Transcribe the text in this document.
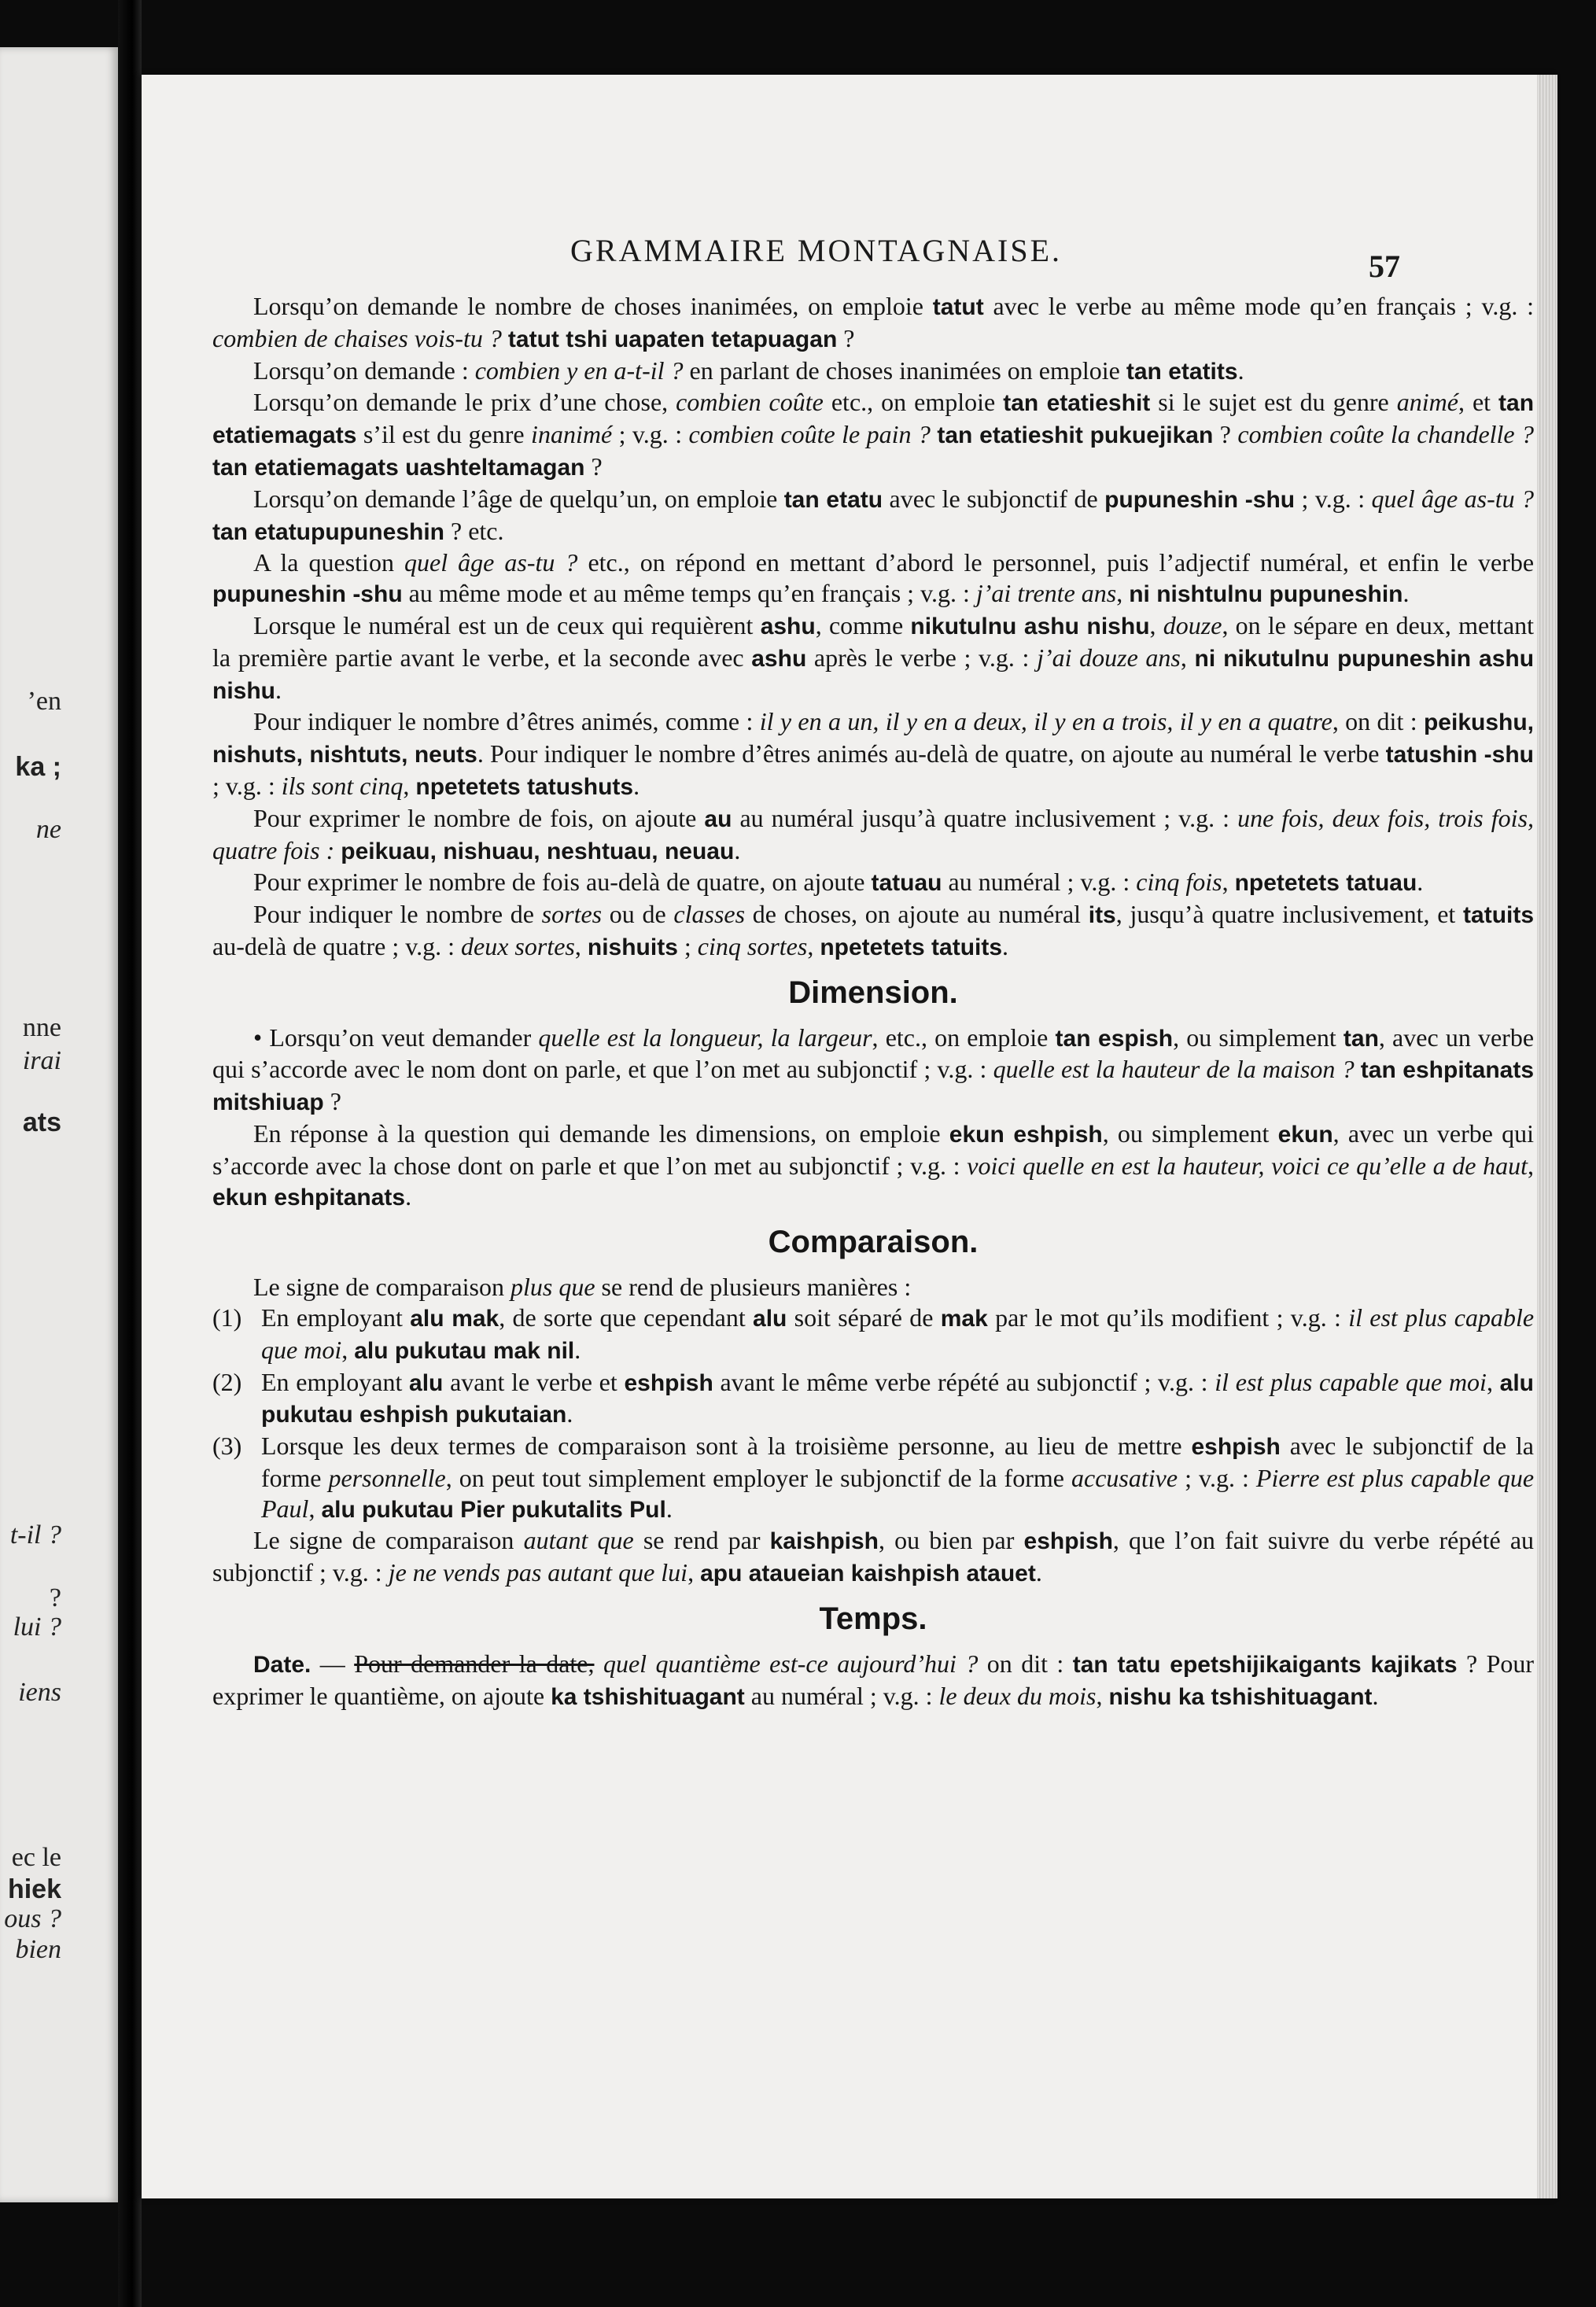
’en
ka ;
ne
nne
irai
ats
t-il ?
?
lui ?
iens
ec le
hiek
ous ?
bien
GRAMMAIRE MONTAGNAISE.	57

Lorsqu’on demande le nombre de choses inanimées, on emploie tatut avec le verbe au même mode qu’en français ; v.g. : combien de chaises vois-tu ? tatut tshi uapaten tetapuagan ?

Lorsqu’on demande : combien y en a-t-il ? en parlant de choses inanimées on emploie tan etatits.

Lorsqu’on demande le prix d’une chose, combien coûte etc., on emploie tan etatieshit si le sujet est du genre animé, et tan etatiemagats s’il est du genre inanimé ; v.g. : combien coûte le pain ? tan etatieshit pukuejikan ? combien coûte la chandelle ? tan etatiemagats uashteltamagan ?

Lorsqu’on demande l’âge de quelqu’un, on emploie tan etatu avec le subjonctif de pupuneshin -shu ; v.g. : quel âge as-tu ? tan etatupupuneshin ? etc.

A la question quel âge as-tu ? etc., on répond en mettant d’abord le personnel, puis l’adjectif numéral, et enfin le verbe pupuneshin -shu au même mode et au même temps qu’en français ; v.g. : j’ai trente ans, ni nishtulnu pupuneshin.

Lorsque le numéral est un de ceux qui requièrent ashu, comme nikutulnu ashu nishu, douze, on le sépare en deux, mettant la première partie avant le verbe, et la seconde avec ashu après le verbe ; v.g. : j’ai douze ans, ni nikutulnu pupuneshin ashu nishu.

Pour indiquer le nombre d’êtres animés, comme : il y en a un, il y en a deux, il y en a trois, il y en a quatre, on dit : peikushu, nishuts, nishtuts, neuts. Pour indiquer le nombre d’êtres animés au-delà de quatre, on ajoute au numéral le verbe tatushin -shu ; v.g. : ils sont cinq, npetetets tatushuts.

Pour exprimer le nombre de fois, on ajoute au au numéral jusqu’à quatre inclusivement ; v.g. : une fois, deux fois, trois fois, quatre fois : peikuau, nishuau, neshtuau, neuau.

Pour exprimer le nombre de fois au-delà de quatre, on ajoute tatuau au numéral ; v.g. : cinq fois, npetetets tatuau.

Pour indiquer le nombre de sortes ou de classes de choses, on ajoute au numéral its, jusqu’à quatre inclusivement, et tatuits au-delà de quatre ; v.g. : deux sortes, nishuits ; cinq sortes, npetetets tatuits.

Dimension.

• Lorsqu’on veut demander quelle est la longueur, la largeur, etc., on emploie tan espish, ou simplement tan, avec un verbe qui s’accorde avec le nom dont on parle, et que l’on met au subjonctif ; v.g. : quelle est la hauteur de la maison ? tan eshpitanats mitshiuap ?

En réponse à la question qui demande les dimensions, on emploie ekun eshpish, ou simplement ekun, avec un verbe qui s’accorde avec la chose dont on parle et que l’on met au subjonctif ; v.g. : voici quelle en est la hauteur, voici ce qu’elle a de haut, ekun eshpitanats.

Comparaison.

Le signe de comparaison plus que se rend de plusieurs manières :

(1) En employant alu mak, de sorte que cependant alu soit séparé de mak par le mot qu’ils modifient ; v.g. : il est plus capable que moi, alu pukutau mak nil.
(2) En employant alu avant le verbe et eshpish avant le même verbe répété au subjonctif ; v.g. : il est plus capable que moi, alu pukutau eshpish pukutaian.
(3) Lorsque les deux termes de comparaison sont à la troisième personne, au lieu de mettre eshpish avec le subjonctif de la forme personnelle, on peut tout simplement employer le subjonctif de la forme accusative ; v.g. : Pierre est plus capable que Paul, alu pukutau Pier pukutalits Pul.

Le signe de comparaison autant que se rend par kaishpish, ou bien par eshpish, que l’on fait suivre du verbe répété au subjonctif ; v.g. : je ne vends pas autant que lui, apu ataueian kaishpish atauet.

Temps.

Date. — Pour demander la date, quel quantième est-ce aujourd’hui ? on dit : tan tatu epetshijikaigants kajikats ? Pour exprimer le quantième, on ajoute ka tshishituagant au numéral ; v.g. : le deux du mois, nishu ka tshishituagant.
